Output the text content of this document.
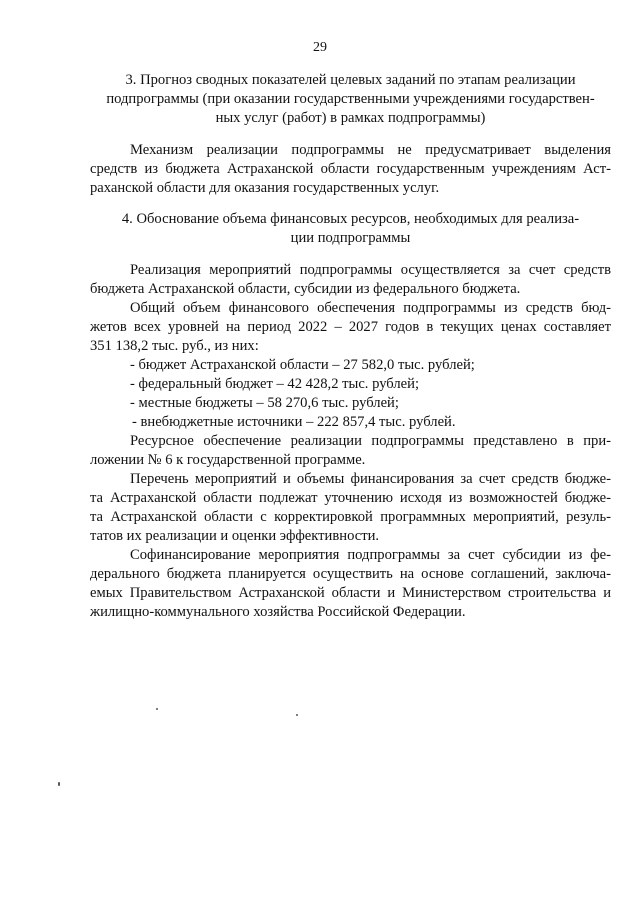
29
3. Прогноз сводных показателей целевых заданий по этапам реализации
подпрограммы (при оказании государственными учреждениями государствен-
ных услуг (работ) в рамках подпрограммы)
Механизм реализации подпрограммы не предусматривает выделения
средств из бюджета Астраханской области государственным учреждениям Аст-
раханской области для оказания государственных услуг.
4. Обоснование объема финансовых ресурсов, необходимых для реализа-
ции подпрограммы
Реализация мероприятий подпрограммы осуществляется за счет средств
бюджета Астраханской области, субсидии из федерального бюджета.
Общий объем финансового обеспечения подпрограммы из средств бюд-
жетов всех уровней на период 2022 – 2027 годов в текущих ценах составляет
351 138,2 тыс. руб., из них:
- бюджет Астраханской области – 27 582,0 тыс. рублей;
- федеральный бюджет – 42 428,2 тыс. рублей;
- местные бюджеты – 58 270,6 тыс. рублей;
- внебюджетные источники – 222 857,4 тыс. рублей.
Ресурсное обеспечение реализации подпрограммы представлено в при-
ложении № 6 к государственной программе.
Перечень мероприятий и объемы финансирования за счет средств бюдже-
та Астраханской области подлежат уточнению исходя из возможностей бюдже-
та Астраханской области с корректировкой программных мероприятий, резуль-
татов их реализации и оценки эффективности.
Софинансирование мероприятия подпрограммы за счет субсидии из фе-
дерального бюджета планируется осуществить на основе соглашений, заключа-
емых Правительством Астраханской области и Министерством строительства и
жилищно-коммунального хозяйства Российской Федерации.
